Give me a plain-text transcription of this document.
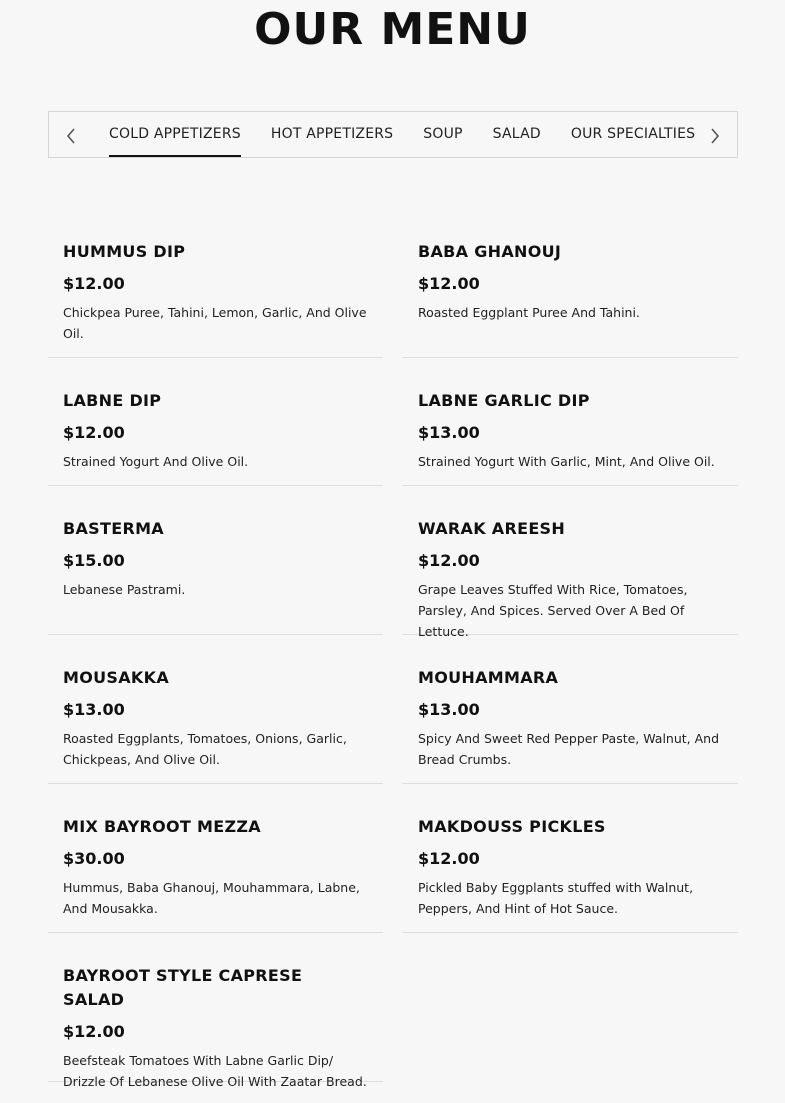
OUR MENU
COLD APPETIZERS HOT APPETIZERS SOUP SALAD OUR SPECIALTIES
HUMMUS DIP
$12.00
Chickpea Puree, Tahini, Lemon, Garlic, And Olive Oil.
BABA GHANOUJ
$12.00
Roasted Eggplant Puree And Tahini.
LABNE DIP
$12.00
Strained Yogurt And Olive Oil.
LABNE GARLIC DIP
$13.00
Strained Yogurt With Garlic, Mint, And Olive Oil.
BASTERMA
$15.00
Lebanese Pastrami.
WARAK AREESH
$12.00
Grape Leaves Stuffed With Rice, Tomatoes, Parsley, And Spices. Served Over A Bed Of Lettuce.
MOUSAKKA
$13.00
Roasted Eggplants, Tomatoes, Onions, Garlic, Chickpeas, And Olive Oil.
MOUHAMMARA
$13.00
Spicy And Sweet Red Pepper Paste, Walnut, And Bread Crumbs.
MIX BAYROOT MEZZA
$30.00
Hummus, Baba Ghanouj, Mouhammara, Labne, And Mousakka.
MAKDOUSS PICKLES
$12.00
Pickled Baby Eggplants stuffed with Walnut, Peppers, And Hint of Hot Sauce.
BAYROOT STYLE CAPRESE SALAD
$12.00
Beefsteak Tomatoes With Labne Garlic Dip/ Drizzle Of Lebanese Olive Oil With Zaatar Bread.
